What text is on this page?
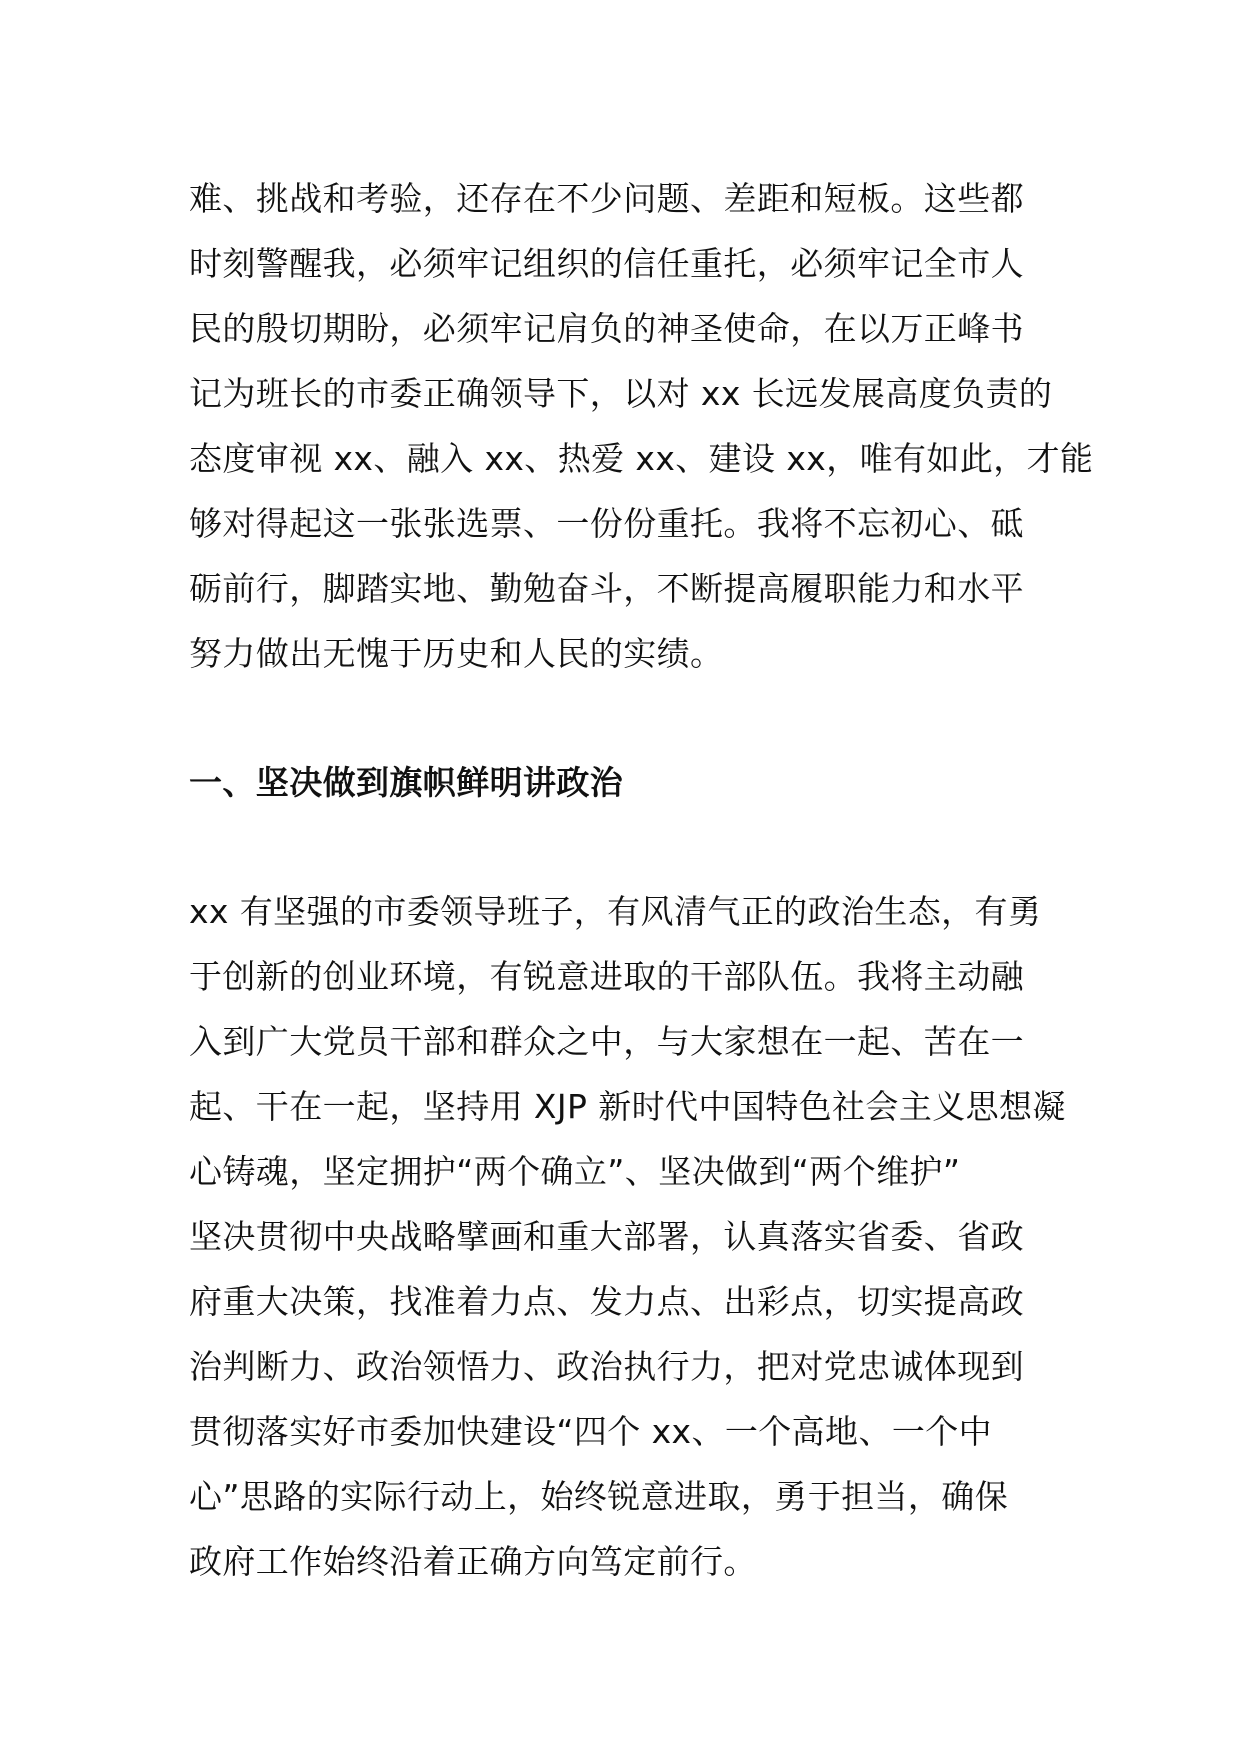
难、挑战和考验，还存在不少问题、差距和短板。这些都
时刻警醒我，必须牢记组织的信任重托，必须牢记全市人
民的殷切期盼，必须牢记肩负的神圣使命，在以万正峰书
记为班长的市委正确领导下，以对 xx 长远发展高度负责的
态度审视 xx、融入 xx、热爱 xx、建设 xx，唯有如此，才能
够对得起这一张张选票、一份份重托。我将不忘初心、砥
砺前行，脚踏实地、勤勉奋斗，不断提高履职能力和水平
努力做出无愧于历史和人民的实绩。
一、坚决做到旗帜鲜明讲政治
xx 有坚强的市委领导班子，有风清气正的政治生态，有勇
于创新的创业环境，有锐意进取的干部队伍。我将主动融
入到广大党员干部和群众之中，与大家想在一起、苦在一
起、干在一起，坚持用 XJP 新时代中国特色社会主义思想凝
心铸魂，坚定拥护“两个确立”、坚决做到“两个维护”
坚决贯彻中央战略擘画和重大部署，认真落实省委、省政
府重大决策，找准着力点、发力点、出彩点，切实提高政
治判断力、政治领悟力、政治执行力，把对党忠诚体现到
贯彻落实好市委加快建设“四个 xx、一个高地、一个中
心”思路的实际行动上，始终锐意进取，勇于担当，确保
政府工作始终沿着正确方向笃定前行。
